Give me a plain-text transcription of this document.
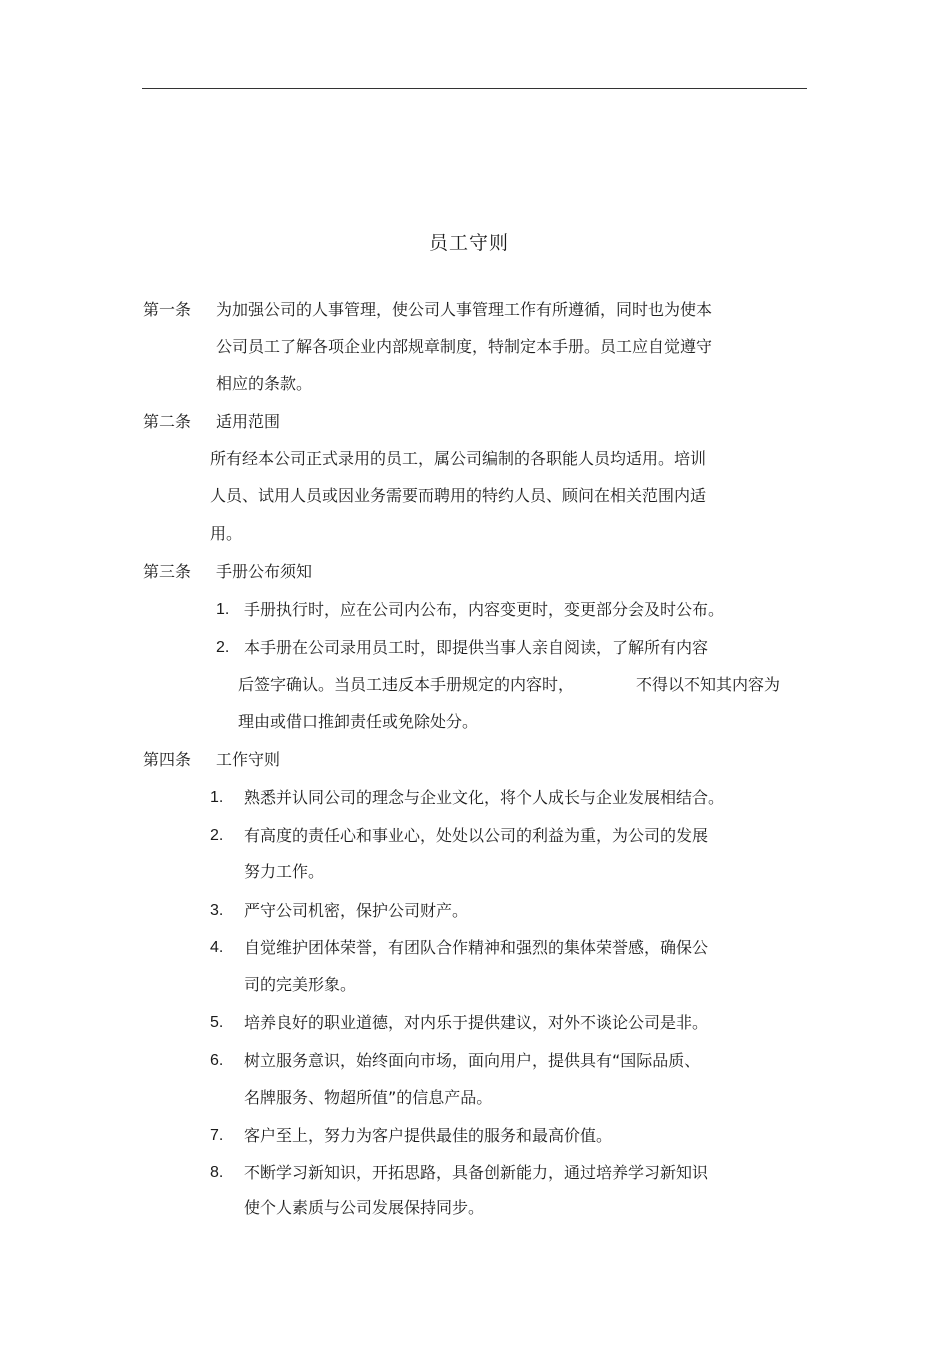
员工守则
第一条 为加强公司的人事管理，使公司人事管理工作有所遵循，同时也为使本
公司员工了解各项企业内部规章制度，特制定本手册。员工应自觉遵守
相应的条款。
第二条 适用范围
所有经本公司正式录用的员工，属公司编制的各职能人员均适用。培训
人员、试用人员或因业务需要而聘用的特约人员、顾问在相关范围内适
用。
第三条 手册公布须知
1. 手册执行时，应在公司内公布，内容变更时，变更部分会及时公布。
2. 本手册在公司录用员工时，即提供当事人亲自阅读，了解所有内容
后签字确认。当员工违反本手册规定的内容时，	不得以不知其内容为
理由或借口推卸责任或免除处分。
第四条 工作守则
1. 熟悉并认同公司的理念与企业文化，将个人成长与企业发展相结合。
2. 有高度的责任心和事业心，处处以公司的利益为重，为公司的发展
努力工作。
3. 严守公司机密，保护公司财产。
4. 自觉维护团体荣誉，有团队合作精神和强烈的集体荣誉感，确保公
司的完美形象。
5. 培养良好的职业道德，对内乐于提供建议，对外不谈论公司是非。
6. 树立服务意识，始终面向市场，面向用户，提供具有“国际品质、
名牌服务、物超所值”的信息产品。
7. 客户至上，努力为客户提供最佳的服务和最高价值。
8. 不断学习新知识，开拓思路，具备创新能力，通过培养学习新知识
使个人素质与公司发展保持同步。
